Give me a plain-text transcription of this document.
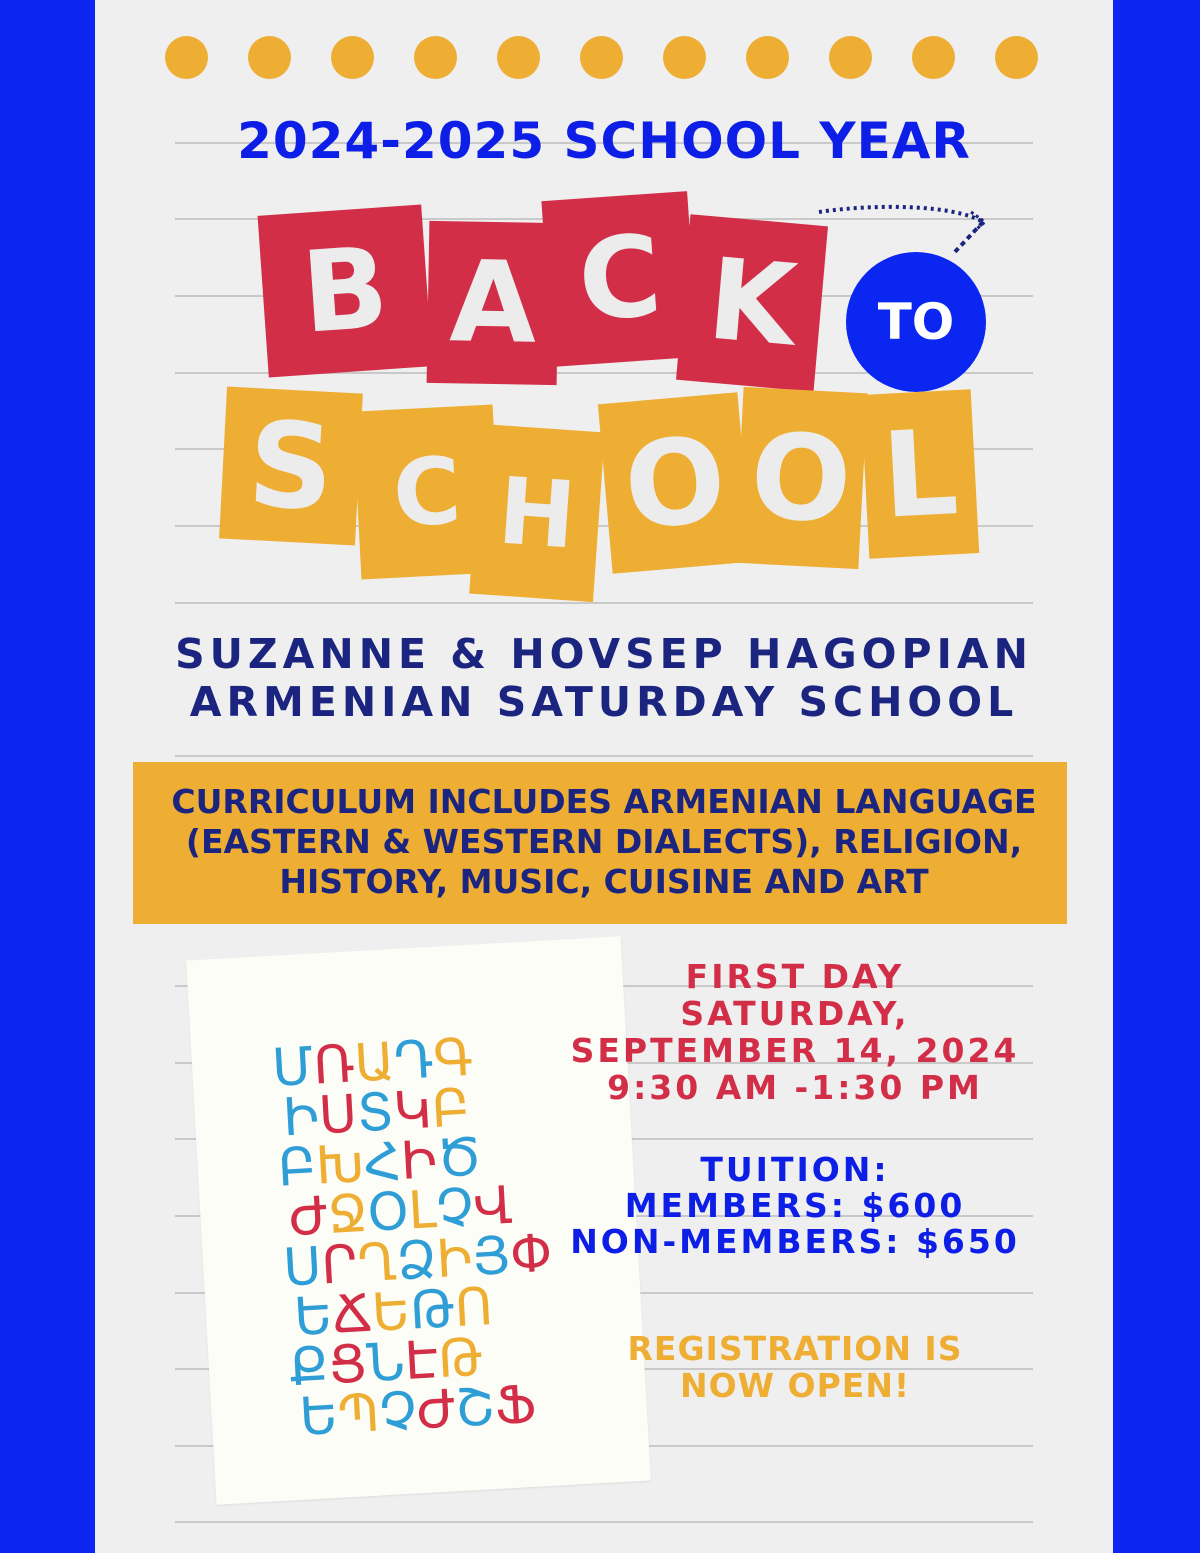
2024-2025 SCHOOL YEAR
B A C K	TO
S C H O O L
SUZANNE & HOVSEP HAGOPIAN
ARMENIAN SATURDAY SCHOOL
CURRICULUM INCLUDES ARMENIAN LANGUAGE
(EASTERN & WESTERN DIALECTS), RELIGION,
HISTORY, MUSIC, CUISINE AND ART
ՄՌԱԴԳ
ԻՍՏԿԲ
ԲԽՀԻԾ
ԺՋՕԼՉՎ
ՍՐՂՁԻՅՓ
ԵՃԵԹՈ
ՔՑՆԷԹ
ԵՊՉԺՇՖ
FIRST DAY
SATURDAY,
SEPTEMBER 14, 2024
9:30 AM -1:30 PM
TUITION:
MEMBERS: $600
NON-MEMBERS: $650
REGISTRATION IS
NOW OPEN!
